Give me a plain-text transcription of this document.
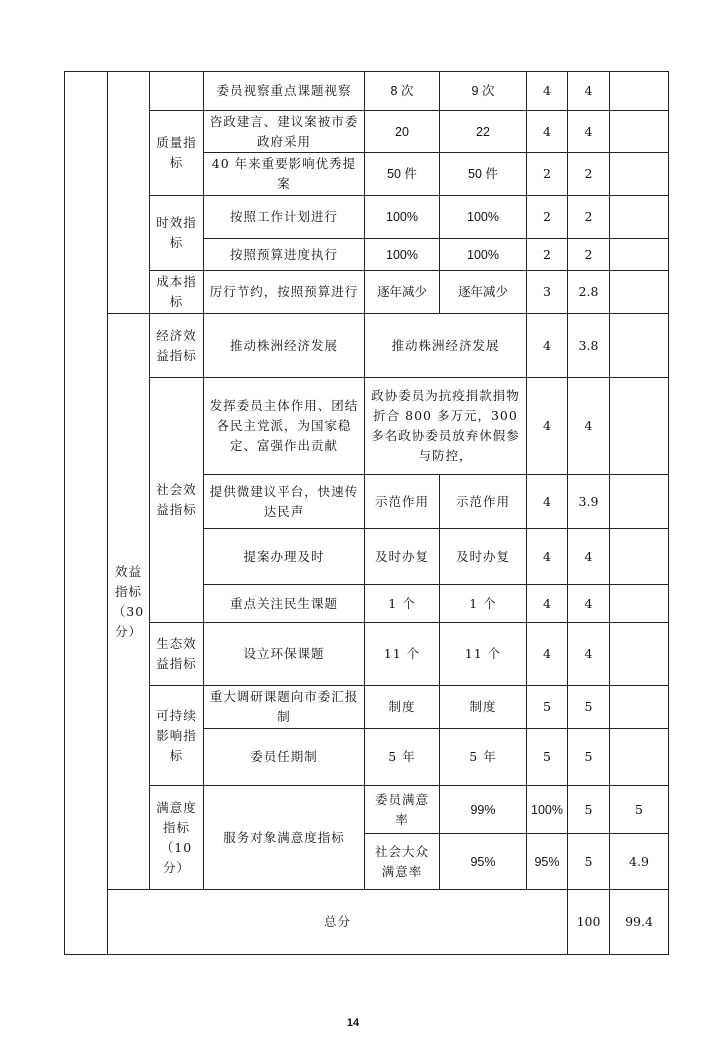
			委员视察重点课题视察	8 次	9 次	4	4		
		质量指标	咨政建言、建议案被市委政府采用	20	22	4	4		
			40 年来重要影响优秀提案	50 件	50 件	2	2		
		时效指标	按照工作计划进行	100%	100%	2	2		
			按照预算进度执行	100%	100%	2	2		
		成本指标	厉行节约，按照预算进行	逐年减少	逐年减少	3	2.8		
	效益指标（30分）	经济效益指标	推动株洲经济发展	推动株洲经济发展		4	3.8		
		社会效益指标	发挥委员主体作用、团结各民主党派，为国家稳定、富强作出贡献	政协委员为抗疫捐款捐物折合 800 多万元，300 多名政协委员放弃休假参与防控，		4	4		
			提供微建议平台，快速传达民声	示范作用	示范作用	4	3.9		
			提案办理及时	及时办复	及时办复	4	4		
			重点关注民生课题	1 个	1 个	4	4		
		生态效益指标	设立环保课题	11 个	11 个	4	4		
		可持续影响指标	重大调研课题向市委汇报制	制度	制度	5	5		
			委员任期制	5 年	5 年	5	5		
		满意度指标（10分）	服务对象满意度指标	委员满意率	99%	100%	5	5	
				社会大众满意率	95%	95%	5	4.9	
	总分						100	99.4	
14
